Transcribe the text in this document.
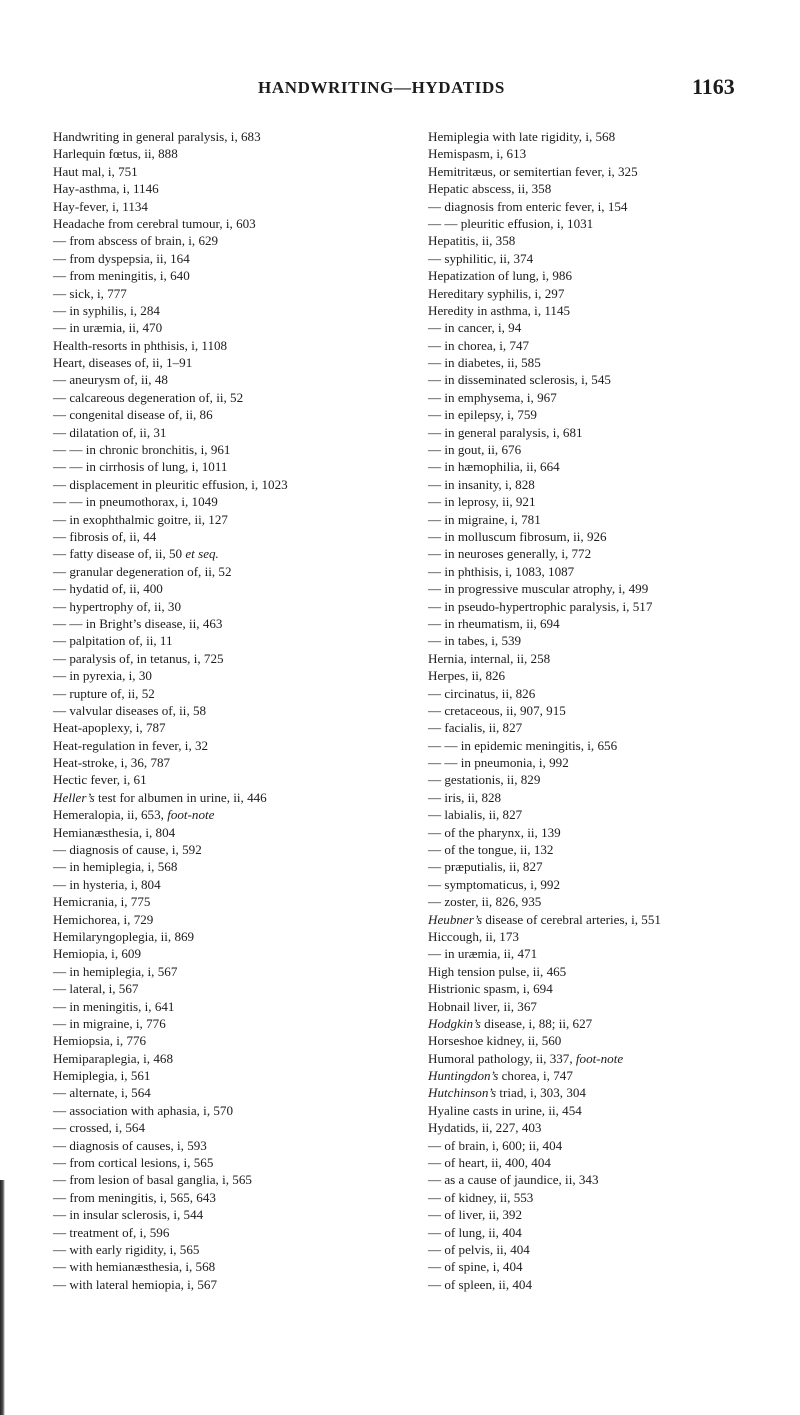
HANDWRITING—HYDATIDS	1163
Handwriting in general paralysis, i, 683
Harlequin fœtus, ii, 888
Haut mal, i, 751
Hay-asthma, i, 1146
Hay-fever, i, 1134
Headache from cerebral tumour, i, 603
— from abscess of brain, i, 629
— from dyspepsia, ii, 164
— from meningitis, i, 640
— sick, i, 777
— in syphilis, i, 284
— in uræmia, ii, 470
Health-resorts in phthisis, i, 1108
Heart, diseases of, ii, 1–91
— aneurysm of, ii, 48
— calcareous degeneration of, ii, 52
— congenital disease of, ii, 86
— dilatation of, ii, 31
— — in chronic bronchitis, i, 961
— — in cirrhosis of lung, i, 1011
— displacement in pleuritic effusion, i, 1023
— — in pneumothorax, i, 1049
— in exophthalmic goitre, ii, 127
— fibrosis of, ii, 44
— fatty disease of, ii, 50 et seq.
— granular degeneration of, ii, 52
— hydatid of, ii, 400
— hypertrophy of, ii, 30
— — in Bright’s disease, ii, 463
— palpitation of, ii, 11
— paralysis of, in tetanus, i, 725
— in pyrexia, i, 30
— rupture of, ii, 52
— valvular diseases of, ii, 58
Heat-apoplexy, i, 787
Heat-regulation in fever, i, 32
Heat-stroke, i, 36, 787
Hectic fever, i, 61
Heller’s test for albumen in urine, ii, 446
Hemeralopia, ii, 653, foot-note
Hemianæsthesia, i, 804
— diagnosis of cause, i, 592
— in hemiplegia, i, 568
— in hysteria, i, 804
Hemicrania, i, 775
Hemichorea, i, 729
Hemilaryngoplegia, ii, 869
Hemiopia, i, 609
— in hemiplegia, i, 567
— lateral, i, 567
— in meningitis, i, 641
— in migraine, i, 776
Hemiopsia, i, 776
Hemiparaplegia, i, 468
Hemiplegia, i, 561
— alternate, i, 564
— association with aphasia, i, 570
— crossed, i, 564
— diagnosis of causes, i, 593
— from cortical lesions, i, 565
— from lesion of basal ganglia, i, 565
— from meningitis, i, 565, 643
— in insular sclerosis, i, 544
— treatment of, i, 596
— with early rigidity, i, 565
— with hemianæsthesia, i, 568
— with lateral hemiopia, i, 567
Hemiplegia with late rigidity, i, 568
Hemispasm, i, 613
Hemitritæus, or semitertian fever, i, 325
Hepatic abscess, ii, 358
— diagnosis from enteric fever, i, 154
— — pleuritic effusion, i, 1031
Hepatitis, ii, 358
— syphilitic, ii, 374
Hepatization of lung, i, 986
Hereditary syphilis, i, 297
Heredity in asthma, i, 1145
— in cancer, i, 94
— in chorea, i, 747
— in diabetes, ii, 585
— in disseminated sclerosis, i, 545
— in emphysema, i, 967
— in epilepsy, i, 759
— in general paralysis, i, 681
— in gout, ii, 676
— in hæmophilia, ii, 664
— in insanity, i, 828
— in leprosy, ii, 921
— in migraine, i, 781
— in molluscum fibrosum, ii, 926
— in neuroses generally, i, 772
— in phthisis, i, 1083, 1087
— in progressive muscular atrophy, i, 499
— in pseudo-hypertrophic paralysis, i, 517
— in rheumatism, ii, 694
— in tabes, i, 539
Hernia, internal, ii, 258
Herpes, ii, 826
— circinatus, ii, 826
— cretaceous, ii, 907, 915
— facialis, ii, 827
— — in epidemic meningitis, i, 656
— — in pneumonia, i, 992
— gestationis, ii, 829
— iris, ii, 828
— labialis, ii, 827
— of the pharynx, ii, 139
— of the tongue, ii, 132
— præputialis, ii, 827
— symptomaticus, i, 992
— zoster, ii, 826, 935
Heubner’s disease of cerebral arteries, i, 551
Hiccough, ii, 173
— in uræmia, ii, 471
High tension pulse, ii, 465
Histrionic spasm, i, 694
Hobnail liver, ii, 367
Hodgkin’s disease, i, 88; ii, 627
Horseshoe kidney, ii, 560
Humoral pathology, ii, 337, foot-note
Huntingdon’s chorea, i, 747
Hutchinson’s triad, i, 303, 304
Hyaline casts in urine, ii, 454
Hydatids, ii, 227, 403
— of brain, i, 600; ii, 404
— of heart, ii, 400, 404
— as a cause of jaundice, ii, 343
— of kidney, ii, 553
— of liver, ii, 392
— of lung, ii, 404
— of pelvis, ii, 404
— of spine, i, 404
— of spleen, ii, 404
